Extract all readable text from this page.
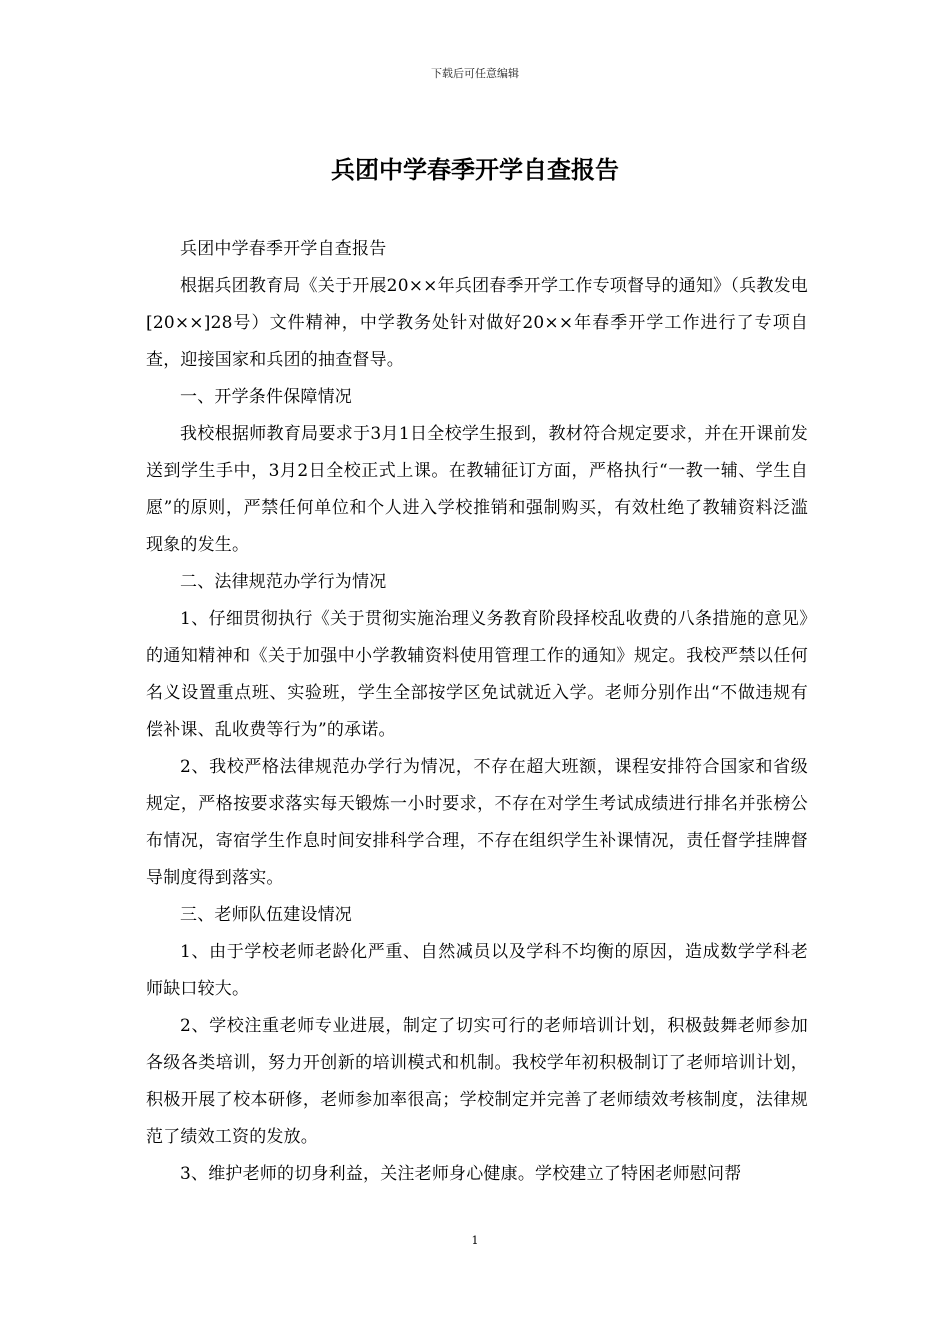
下载后可任意编辑
兵团中学春季开学自查报告

兵团中学春季开学自查报告

根据兵团教育局《关于开展20××年兵团春季开学工作专项督导的通知》（兵教发电[20××]28号）文件精神，中学教务处针对做好20××年春季开学工作进行了专项自查，迎接国家和兵团的抽查督导。

一、开学条件保障情况

我校根据师教育局要求于3月1日全校学生报到，教材符合规定要求，并在开课前发送到学生手中，3月2日全校正式上课。在教辅征订方面，严格执行“一教一辅、学生自愿”的原则，严禁任何单位和个人进入学校推销和强制购买，有效杜绝了教辅资料泛滥现象的发生。

二、法律规范办学行为情况

1、仔细贯彻执行《关于贯彻实施治理义务教育阶段择校乱收费的八条措施的意见》的通知精神和《关于加强中小学教辅资料使用管理工作的通知》规定。我校严禁以任何名义设置重点班、实验班，学生全部按学区免试就近入学。老师分别作出“不做违规有偿补课、乱收费等行为”的承诺。

2、我校严格法律规范办学行为情况，不存在超大班额，课程安排符合国家和省级规定，严格按要求落实每天锻炼一小时要求，不存在对学生考试成绩进行排名并张榜公布情况，寄宿学生作息时间安排科学合理，不存在组织学生补课情况，责任督学挂牌督导制度得到落实。

三、老师队伍建设情况

1、由于学校老师老龄化严重、自然减员以及学科不均衡的原因，造成数学学科老师缺口较大。

2、学校注重老师专业进展，制定了切实可行的老师培训计划，积极鼓舞老师参加各级各类培训，努力开创新的培训模式和机制。我校学年初积极制订了老师培训计划，积极开展了校本研修，老师参加率很高；学校制定并完善了老师绩效考核制度，法律规范了绩效工资的发放。

3、维护老师的切身利益，关注老师身心健康。学校建立了特困老师慰问帮

1
